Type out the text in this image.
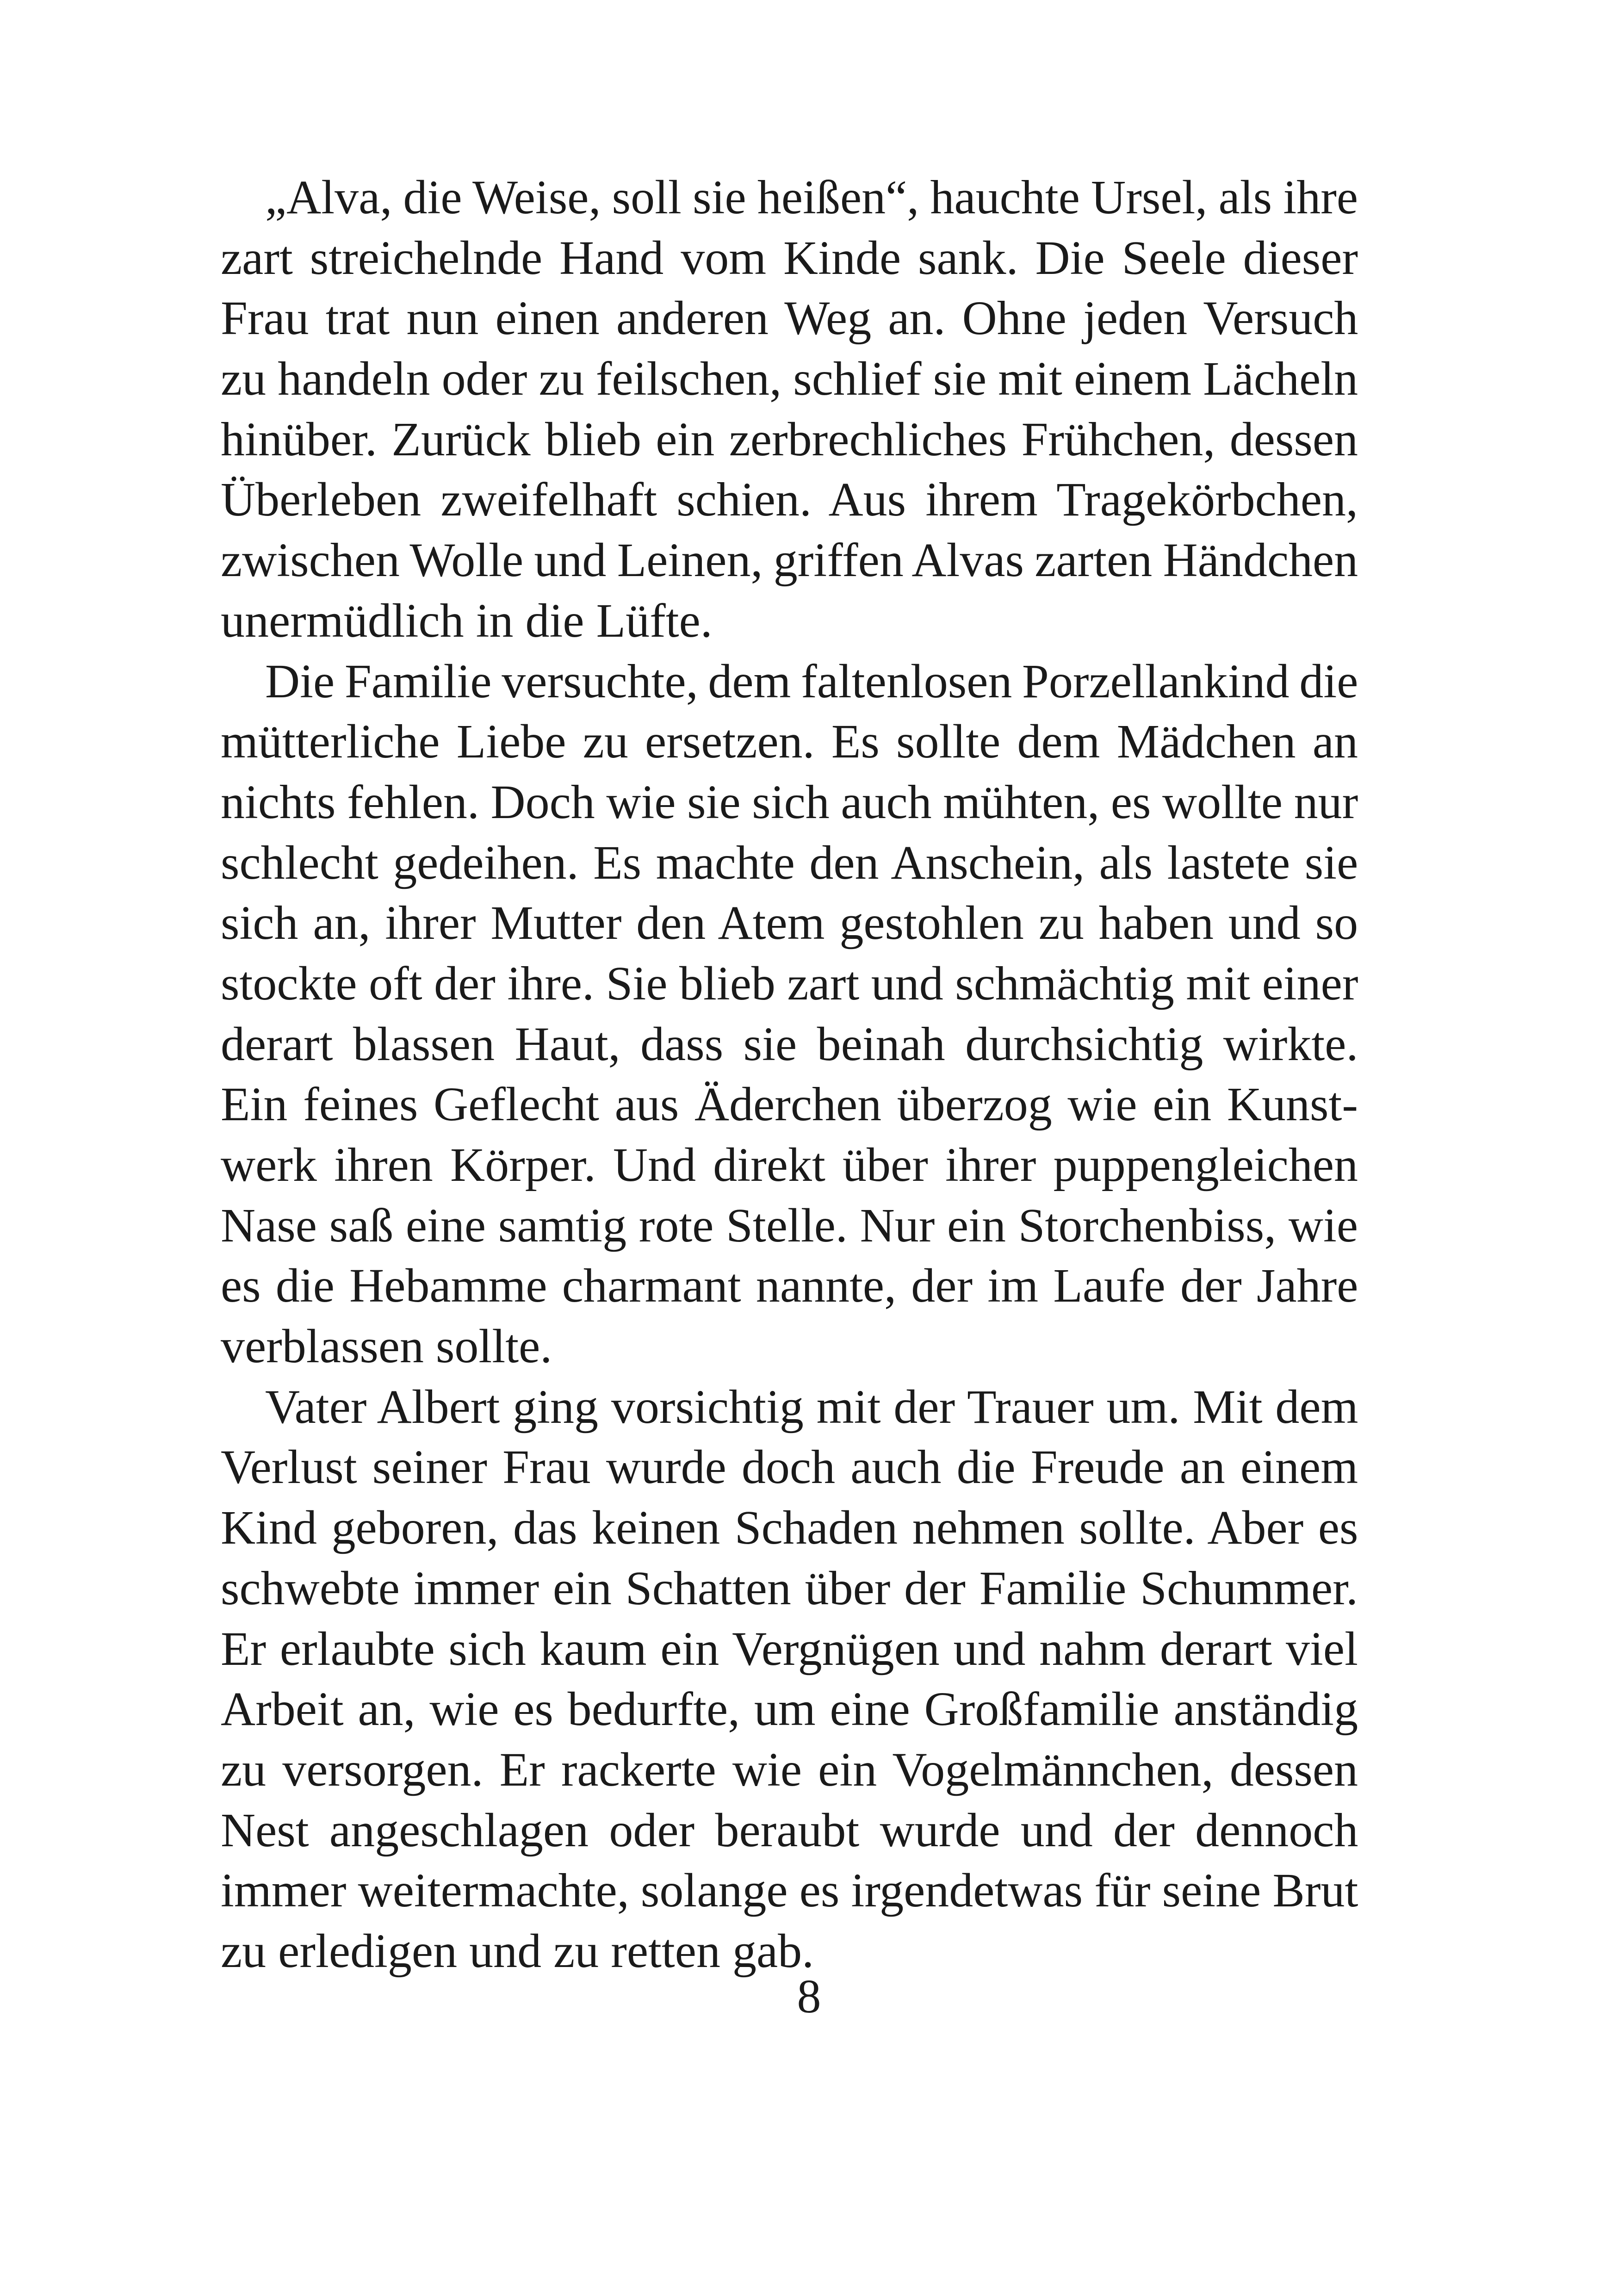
„Alva, die Weise, soll sie heißen“, hauchte Ursel, als ihre
zart streichelnde Hand vom Kinde sank. Die Seele dieser
Frau trat nun einen anderen Weg an. Ohne jeden Versuch
zu handeln oder zu feilschen, schlief sie mit einem Lächeln
hinüber. Zurück blieb ein zerbrechliches Frühchen, dessen
Überleben zweifelhaft schien. Aus ihrem Tragekörbchen,
zwischen Wolle und Leinen, griffen Alvas zarten Händchen
unermüdlich in die Lüfte.

Die Familie versuchte, dem faltenlosen Porzellankind die
mütterliche Liebe zu ersetzen. Es sollte dem Mädchen an
nichts fehlen. Doch wie sie sich auch mühten, es wollte nur
schlecht gedeihen. Es machte den Anschein, als lastete sie
sich an, ihrer Mutter den Atem gestohlen zu haben und so
stockte oft der ihre. Sie blieb zart und schmächtig mit einer
derart blassen Haut, dass sie beinah durchsichtig wirkte.
Ein feines Geflecht aus Äderchen überzog wie ein Kunst-
werk ihren Körper. Und direkt über ihrer puppengleichen
Nase saß eine samtig rote Stelle. Nur ein Storchenbiss, wie
es die Hebamme charmant nannte, der im Laufe der Jahre
verblassen sollte.

Vater Albert ging vorsichtig mit der Trauer um. Mit dem
Verlust seiner Frau wurde doch auch die Freude an einem
Kind geboren, das keinen Schaden nehmen sollte. Aber es
schwebte immer ein Schatten über der Familie Schummer.
Er erlaubte sich kaum ein Vergnügen und nahm derart viel
Arbeit an, wie es bedurfte, um eine Großfamilie anständig
zu versorgen. Er rackerte wie ein Vogelmännchen, dessen
Nest angeschlagen oder beraubt wurde und der dennoch
immer weitermachte, solange es irgendetwas für seine Brut
zu erledigen und zu retten gab.

8
